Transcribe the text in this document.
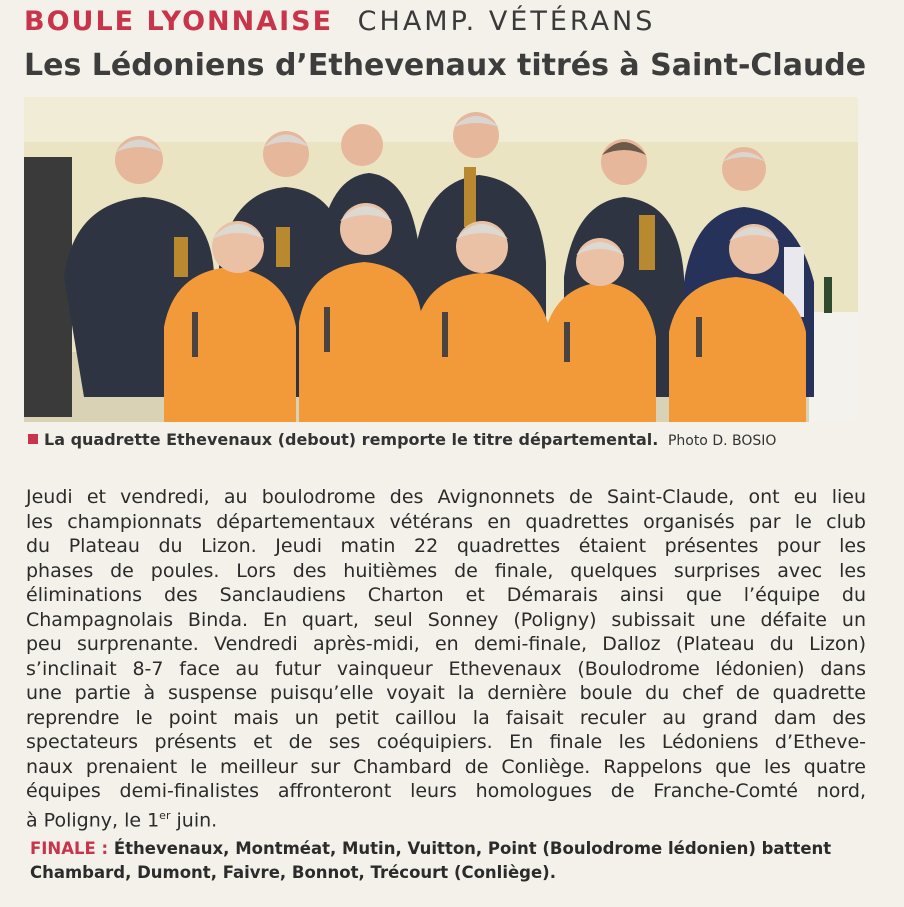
BOULE LYONNAISE CHAMP. VÉTÉRANS
Les Lédoniens d’Ethevenaux titrés à Saint-Claude
La quadrette Ethevenaux (debout) remporte le titre départemental. Photo D. BOSIO
Jeudi et vendredi, au boulodrome des Avignonnets de Saint-Claude, ont eu lieu
les championnats départementaux vétérans en quadrettes organisés par le club
du Plateau du Lizon. Jeudi matin 22 quadrettes étaient présentes pour les
phases de poules. Lors des huitièmes de finale, quelques surprises avec les
éliminations des Sanclaudiens Charton et Démarais ainsi que l’équipe du
Champagnolais Binda. En quart, seul Sonney (Poligny) subissait une défaite un
peu surprenante. Vendredi après-midi, en demi-finale, Dalloz (Plateau du Lizon)
s’inclinait 8-7 face au futur vainqueur Ethevenaux (Boulodrome lédonien) dans
une partie à suspense puisqu’elle voyait la dernière boule du chef de quadrette
reprendre le point mais un petit caillou la faisait reculer au grand dam des
spectateurs présents et de ses coéquipiers. En finale les Lédoniens d’Etheve-
naux prenaient le meilleur sur Chambard de Conliège. Rappelons que les quatre
équipes demi-finalistes affronteront leurs homologues de Franche-Comté nord,
à Poligny, le 1er juin.
FINALE : Éthevenaux, Montméat, Mutin, Vuitton, Point (Boulodrome lédonien) battent
Chambard, Dumont, Faivre, Bonnot, Trécourt (Conliège).
